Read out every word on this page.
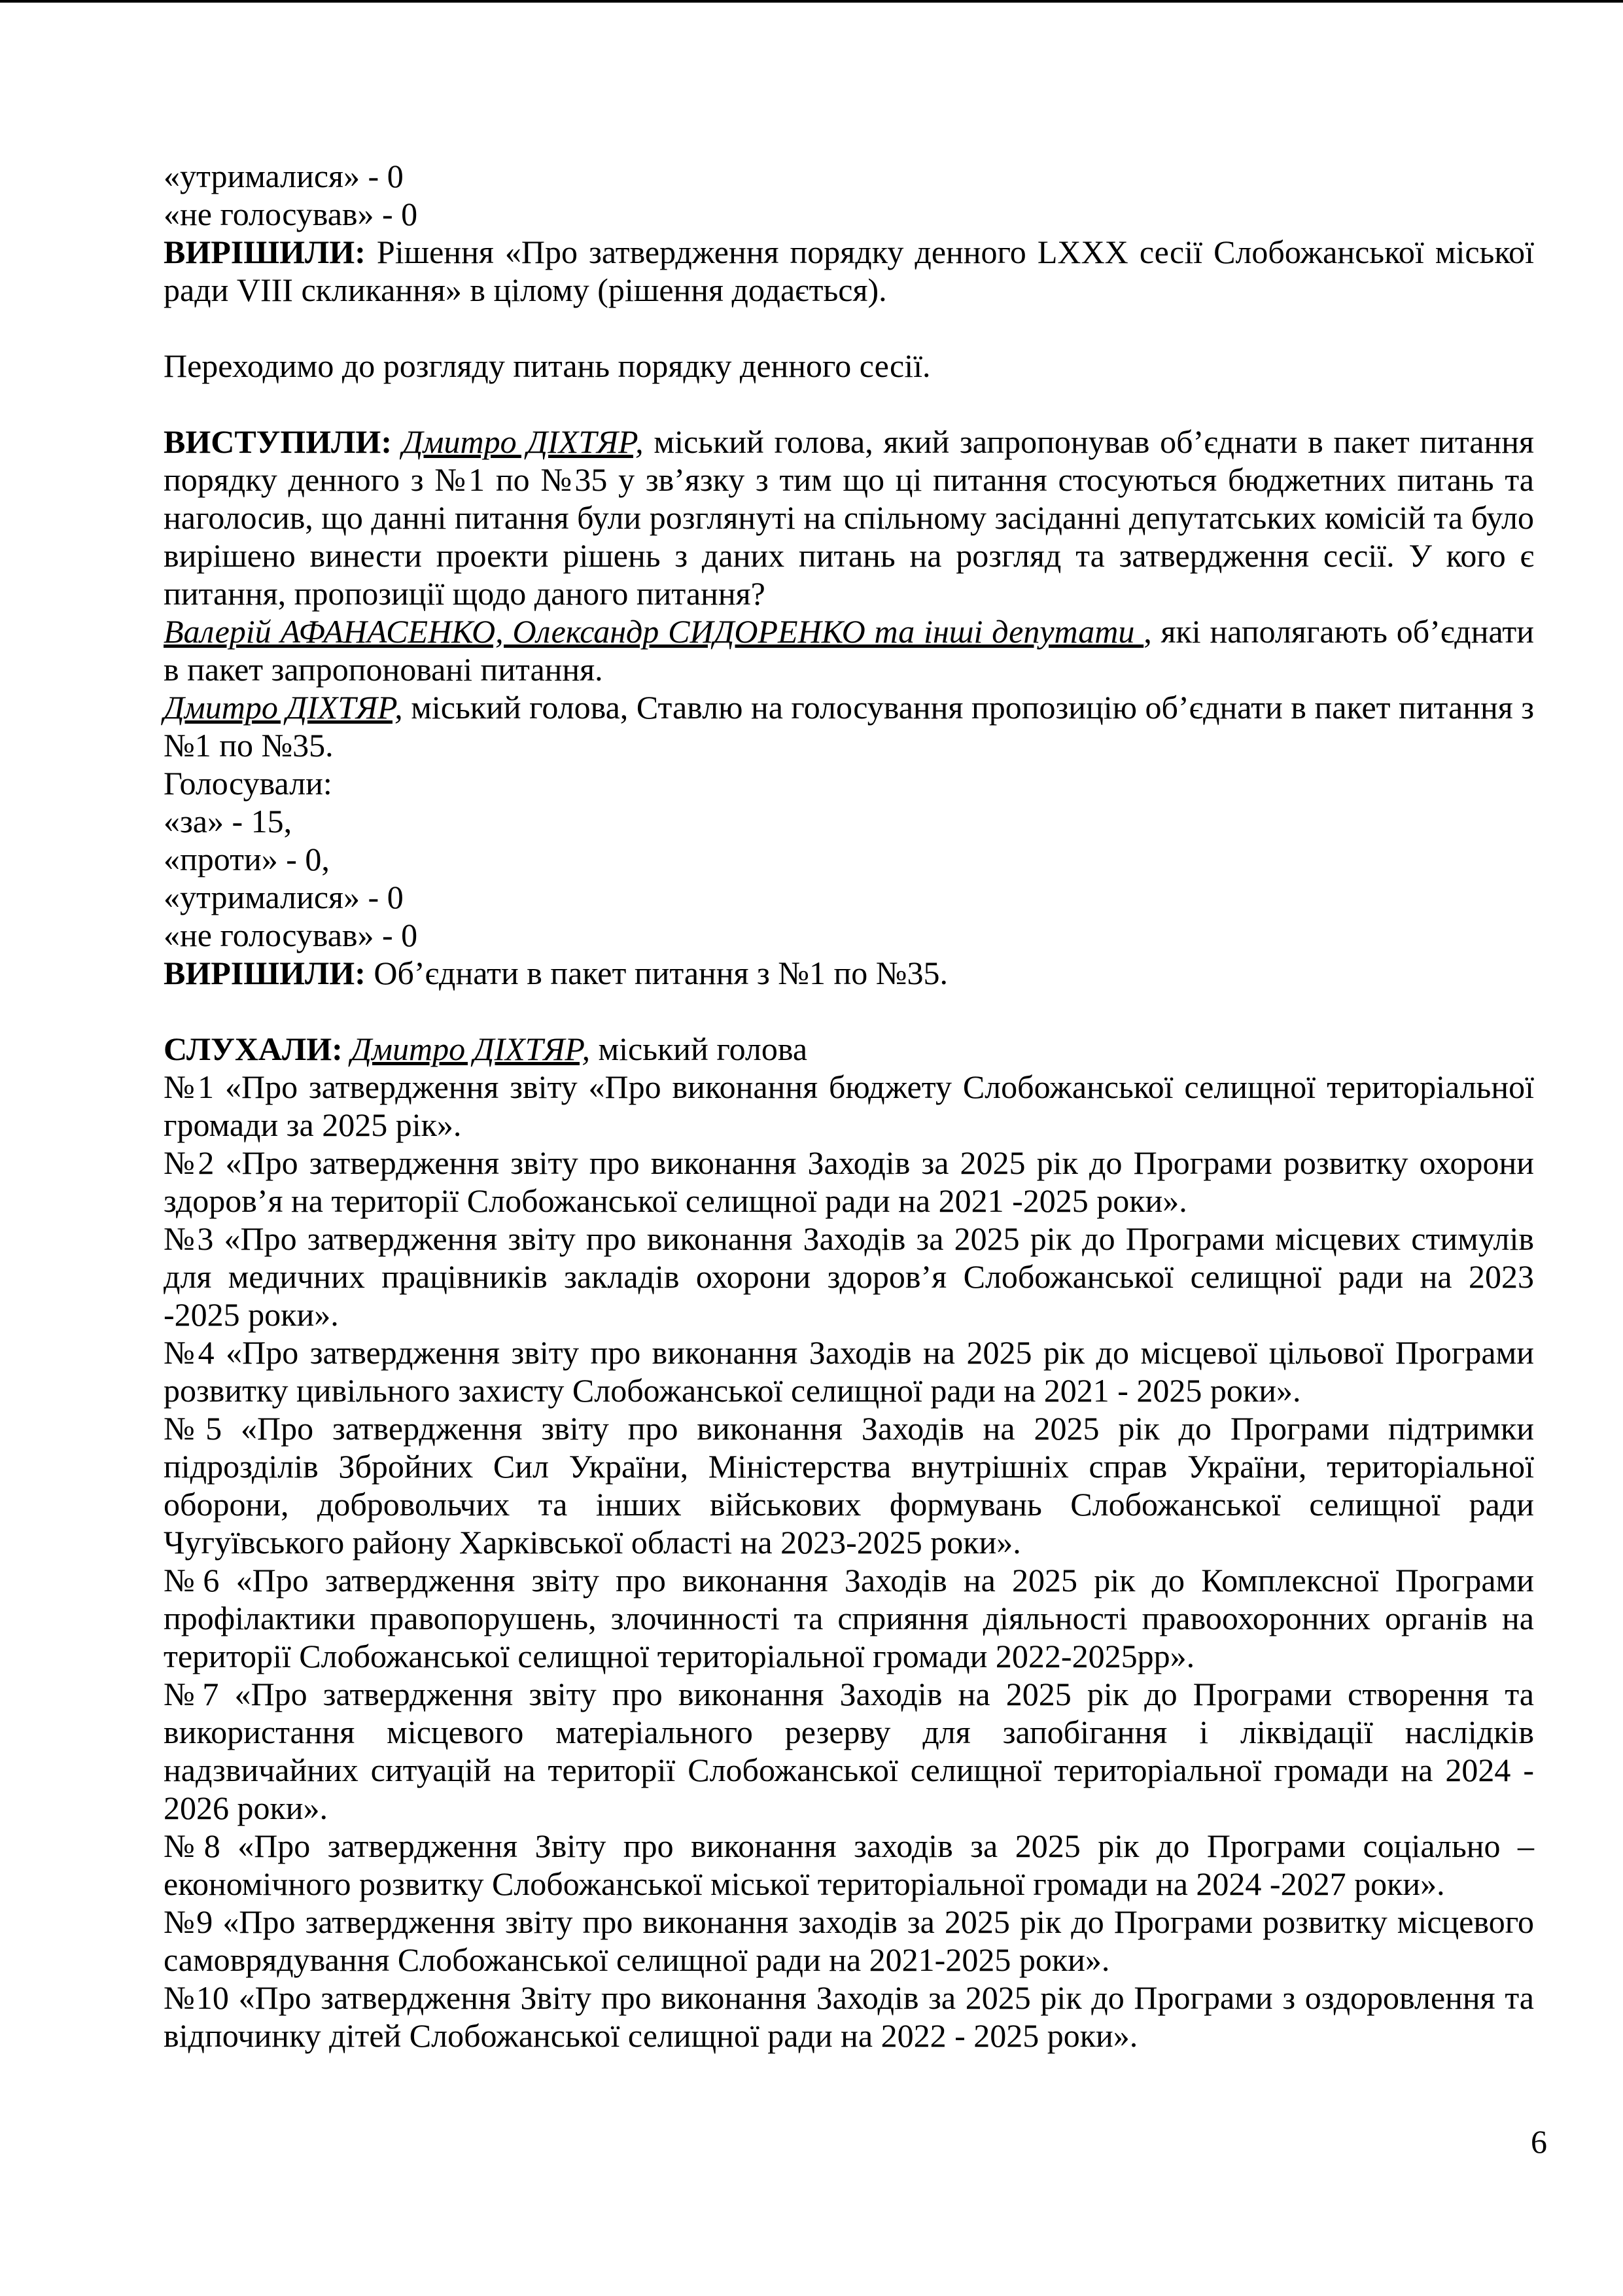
«утрималися» - 0

«не голосував» - 0

ВИРІШИЛИ: Рішення «Про затвердження порядку денного LXXX сесії Слобожанської міської ради VIII скликання» в цілому (рішення додається).

Переходимо до розгляду питань порядку денного сесії.

ВИСТУПИЛИ: Дмитро ДІХТЯР, міський голова, який запропонував об’єднати в пакет питання порядку денного з №1 по №35 у зв’язку з тим що ці питання стосуються бюджетних питань та наголосив, що данні питання були розглянуті на спільному засіданні депутатських комісій та було вирішено винести проекти рішень з даних питань на розгляд та затвердження сесії. У кого є питання, пропозиції щодо даного питання?

Валерій АФАНАСЕНКО, Олександр СИДОРЕНКО та інші депутати , які наполягають об’єднати в пакет запропоновані питання.

Дмитро ДІХТЯР, міський голова, Ставлю на голосування пропозицію об’єднати в пакет питання з №1 по №35.

Голосували:

«за» - 15,

«проти» - 0,

«утрималися» - 0

«не голосував» - 0

ВИРІШИЛИ: Об’єднати в пакет питання з №1 по №35.

СЛУХАЛИ: Дмитро ДІХТЯР, міський голова

№1 «Про затвердження звіту «Про виконання бюджету Слобожанської селищної територіальної громади за 2025 рік».

№2 «Про затвердження звіту про виконання Заходів за 2025 рік до Програми розвитку охорони здоров’я на території Слобожанської селищної ради на 2021 -2025 роки».

№3 «Про затвердження звіту про виконання Заходів за 2025 рік до Програми місцевих стимулів для медичних працівників закладів охорони здоров’я Слобожанської селищної ради на 2023 -2025 роки».

№4 «Про затвердження звіту про виконання Заходів на 2025 рік до місцевої цільової Програми розвитку цивільного захисту Слобожанської селищної ради на 2021 - 2025 роки».

№5 «Про затвердження звіту про виконання Заходів на 2025 рік до Програми підтримки підрозділів Збройних Сил України, Міністерства внутрішніх справ України, територіальної оборони, добровольчих та інших військових формувань Слобожанської селищної ради Чугуївського району Харківської області на 2023-2025 роки».

№6 «Про затвердження звіту про виконання Заходів на 2025 рік до Комплексної Програми профілактики правопорушень, злочинності та сприяння діяльності правоохоронних органів на території Слобожанської селищної територіальної громади 2022-2025рр».

№7 «Про затвердження звіту про виконання Заходів на 2025 рік до Програми створення та використання місцевого матеріального резерву для запобігання і ліквідації наслідків надзвичайних ситуацій на території Слобожанської селищної територіальної громади на 2024 - 2026 роки».

№8 «Про затвердження Звіту про виконання заходів за 2025 рік до Програми соціально – економічного розвитку Слобожанської міської територіальної громади на 2024 -2027 роки».

№9 «Про затвердження звіту про виконання заходів за 2025 рік до Програми розвитку місцевого самоврядування Слобожанської селищної ради на 2021-2025 роки».

№10 «Про затвердження Звіту про виконання Заходів за 2025 рік до Програми з оздоровлення та відпочинку дітей Слобожанської селищної ради на 2022 - 2025 роки».

6
